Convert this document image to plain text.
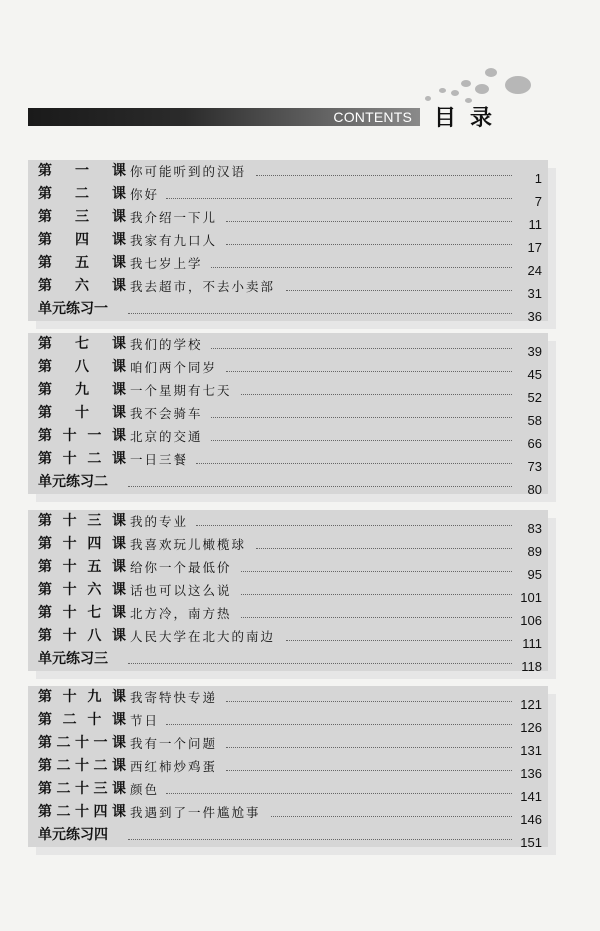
CONTENTS 目录
第 一 课 你可能听到的汉语	1
第 二 课 你好	7
第 三 课 我介绍一下儿	11
第 四 课 我家有九口人	17
第 五 课 我七岁上学	24
第 六 课 我去超市，不去小卖部	31
单元练习一	36
第 七 课 我们的学校	39
第 八 课 咱们两个同岁	45
第 九 课 一个星期有七天	52
第 十 课 我不会骑车	58
第 十 一 课 北京的交通	66
第 十 二 课 一日三餐	73
单元练习二	80
第 十 三 课 我的专业	83
第 十 四 课 我喜欢玩儿橄榄球	89
第 十 五 课 给你一个最低价	95
第 十 六 课 话也可以这么说	101
第 十 七 课 北方冷，南方热	106
第 十 八 课 人民大学在北大的南边	111
单元练习三	118
第 十 九 课 我寄特快专递	121
第 二 十 课 节日	126
第 二 十 一 课 我有一个问题	131
第 二 十 二 课 西红柿炒鸡蛋	136
第 二 十 三 课 颜色	141
第 二 十 四 课 我遇到了一件尴尬事	146
单元练习四	151
